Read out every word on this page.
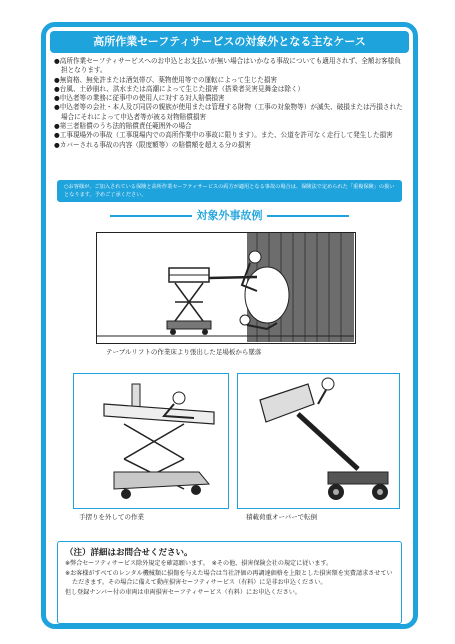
高所作業セーフティサービスの対象外となる主なケース
●高所作業セーフティサービスへのお申込とお支払いが無い場合はいかなる事故についても適用されず、全額お客様負担となります。
●無資格、無免許または酒気帯び、薬物使用等での運転によって生じた損害
●台風、土砂崩れ、洪水または高潮によって生じた損害（搭乗者災害見舞金は除く）
●申込者等の業務に従事中の使用人に対する対人賠償損害
●申込者等の会社・本人及び同居の親族が使用または管理する財物（工事の対象物等）が滅失、破損または汚損された場合にそれによって申込者等が被る対物賠償損害
●第三者賠償のうち法的賠償責任範囲外の場合
●工事現場外の事故（工事現場内での高所作業中の事故に限ります）。また、公道を許可なく走行して発生した損害
●カバーされる事故の内容（限度額等）の賠償額を超える分の損害
○お客様が、ご加入されている保険と高所作業セーフティサービスの両方が適用となる事故の場合は、保険法で定められた「重複保険」の扱いとなります。予めご了承ください。
対象外事故例
テーブルリフトの作業床より張出した足場板から墜落
手摺りを外しての作業	積載荷重オーバーで転倒
（注）詳細はお問合せください。
※弊合セーフティサービス除外規定を確認願います。　※その他、損害保険会社の規定に従います。
※お客様がすべてのレンタル機械類に損傷を与えた場合は当社評価の再調達価格を上限とした損害額を実費請求させていただきます。その場合に備えて動産損害セーフティサービス（有料）に是非お申込ください。
但し登録ナンバー付の車両は車両損害セーフティサービス（有料）にお申込ください。
